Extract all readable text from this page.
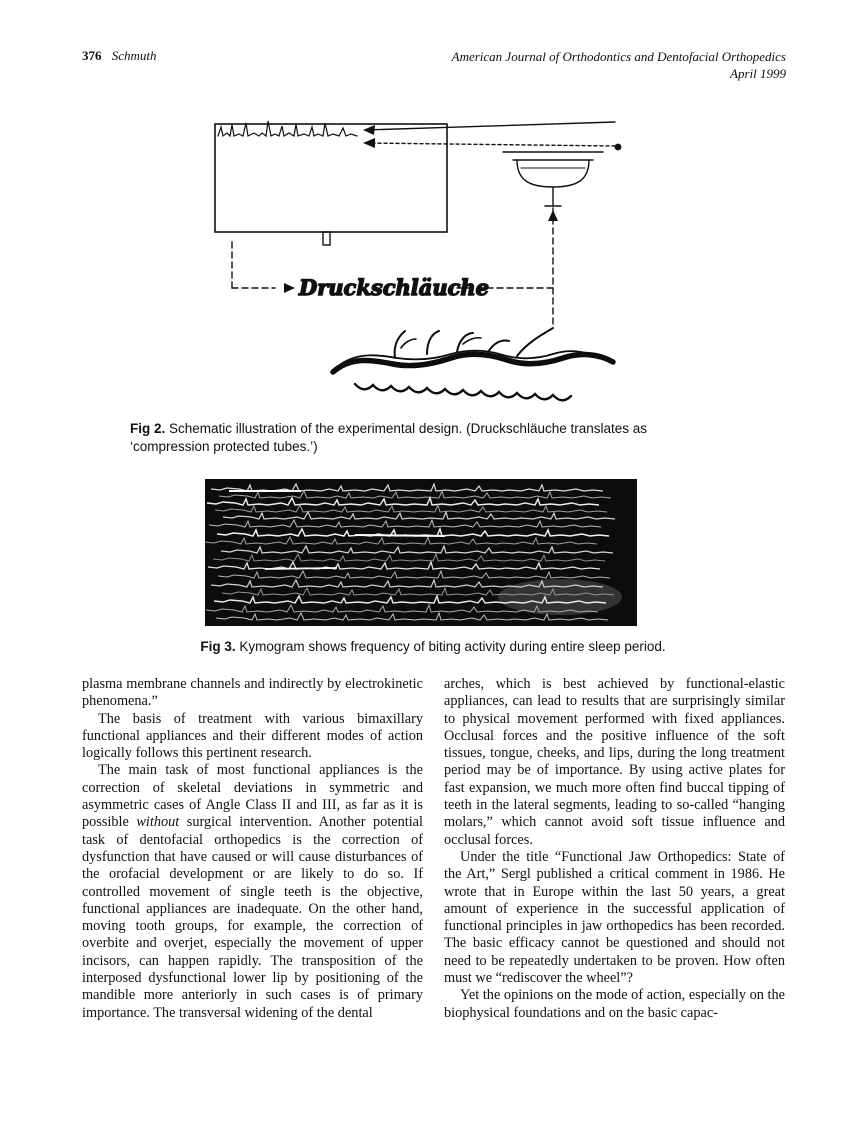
376 Schmuth	American Journal of Orthodontics and Dentofacial Orthopedics
April 1999
Druckschläuche
Fig 2. Schematic illustration of the experimental design. (Druckschläuche translates as ‘compression protected tubes.’)
Fig 3. Kymogram shows frequency of biting activity during entire sleep period.

plasma membrane channels and indirectly by electrokinetic phenomena.”

The basis of treatment with various bimaxillary functional appliances and their different modes of action logically follows this pertinent research.

The main task of most functional appliances is the correction of skeletal deviations in symmetric and asymmetric cases of Angle Class II and III, as far as it is possible without surgical intervention. Another potential task of dentofacial orthopedics is the correction of dysfunction that have caused or will cause disturbances of the orofacial development or are likely to do so. If controlled movement of single teeth is the objective, functional appliances are inadequate. On the other hand, moving tooth groups, for example, the correction of overbite and overjet, especially the movement of upper incisors, can happen rapidly. The transposition of the interposed dysfunctional lower lip by positioning of the mandible more anteriorly in such cases is of primary importance. The transversal widening of the dental

arches, which is best achieved by functional-elastic appliances, can lead to results that are surprisingly similar to physical movement performed with fixed appliances. Occlusal forces and the positive influence of the soft tissues, tongue, cheeks, and lips, during the long treatment period may be of importance. By using active plates for fast expansion, we much more often find buccal tipping of teeth in the lateral segments, leading to so-called “hanging molars,” which cannot avoid soft tissue influence and occlusal forces.

Under the title “Functional Jaw Orthopedics: State of the Art,” Sergl published a critical comment in 1986. He wrote that in Europe within the last 50 years, a great amount of experience in the successful application of functional principles in jaw orthopedics has been recorded. The basic efficacy cannot be questioned and should not need to be repeatedly undertaken to be proven. How often must we “rediscover the wheel”?

Yet the opinions on the mode of action, especially on the biophysical foundations and on the basic capac-
